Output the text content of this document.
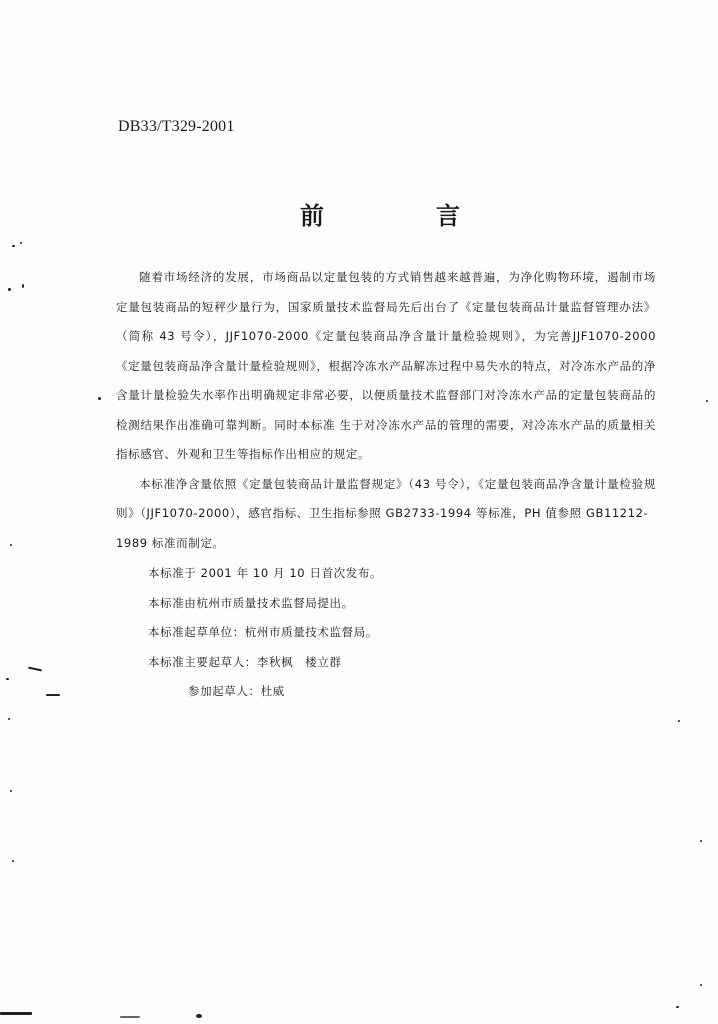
DB33/T329-2001
前	言

随着市场经济的发展，市场商品以定量包装的方式销售越来越普遍，为净化购物环境，遏制市场定量包装商品的短秤少量行为，国家质量技术监督局先后出台了《定量包装商品计量监督管理办法》（简称 43 号令），JJF1070-2000《定量包装商品净含量计量检验规则》，为完善JJF1070-2000《定量包装商品净含量计量检验规则》，根据冷冻水产品解冻过程中易失水的特点，对冷冻水产品的净含量计量检验失水率作出明确规定非常必要，以便质量技术监督部门对冷冻水产品的定量包装商品的检测结果作出准确可靠判断。同时本标准 生于对冷冻水产品的管理的需要，对冷冻水产品的质量相关指标感官、外观和卫生等指标作出相应的规定。

本标准净含量依照《定量包装商品计量监督规定》（43 号令），《定量包装商品净含量计量检验规则》（JJF1070-2000），感官指标、卫生指标参照 GB2733-1994 等标准，PH 值参照 GB11212-

1989 标准而制定。

本标准于 2001 年 10 月 10 日首次发布。
本标准由杭州市质量技术监督局提出。
本标准起草单位：杭州市质量技术监督局。
本标准主要起草人：李秋枫　楼立群
参加起草人：杜威
